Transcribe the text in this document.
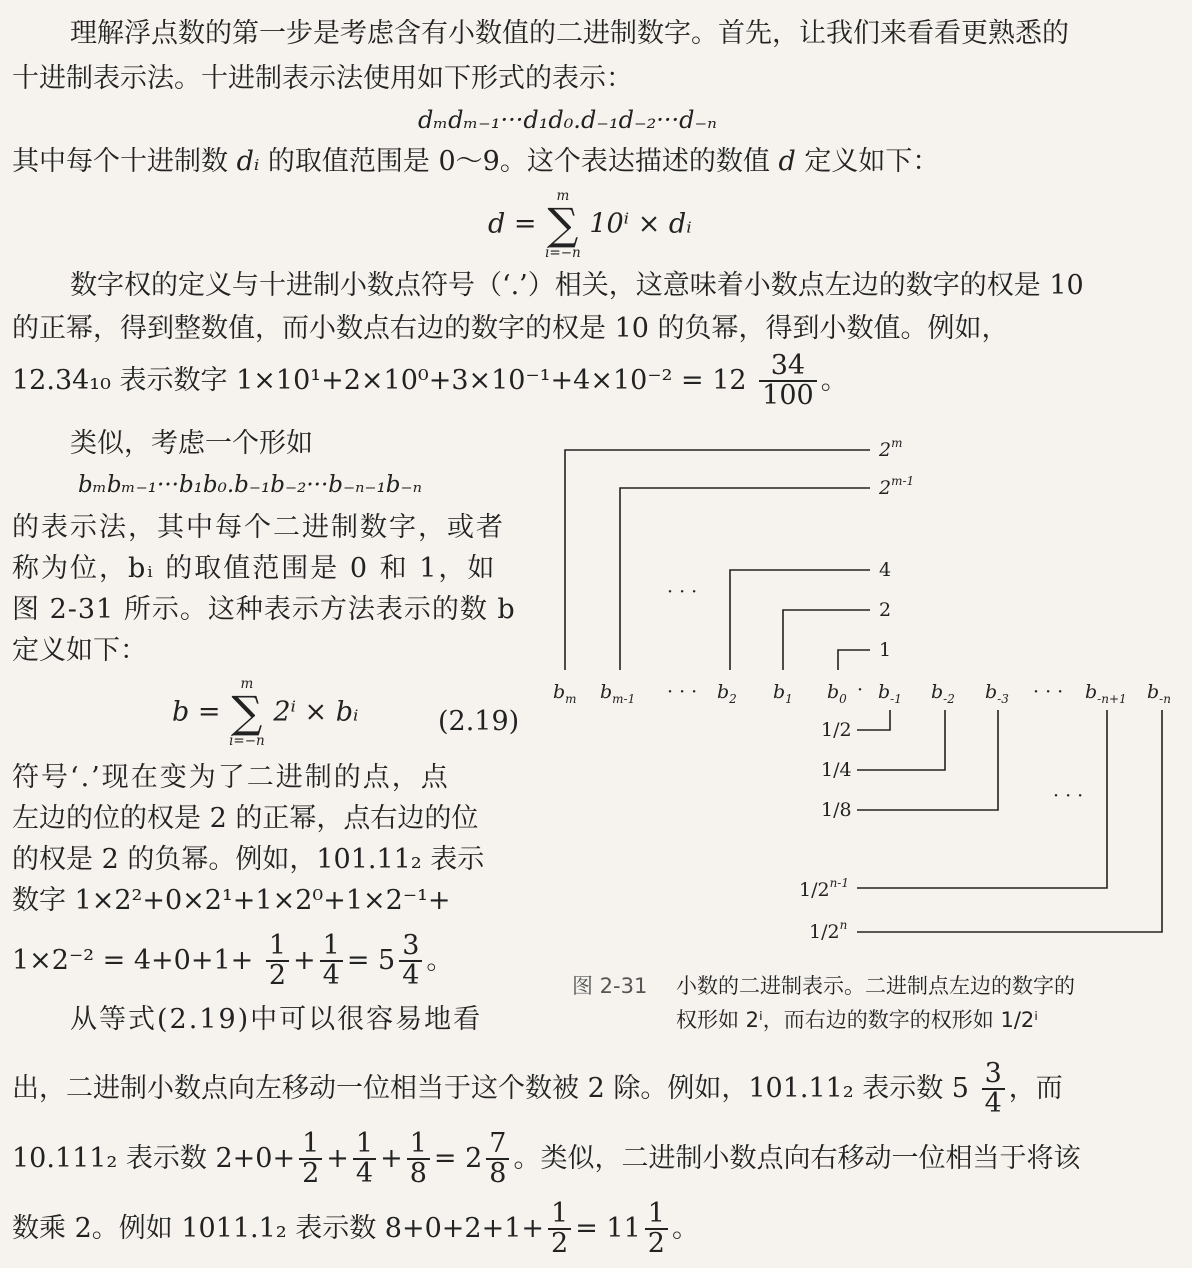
理解浮点数的第一步是考虑含有小数值的二进制数字。首先，让我们来看看更熟悉的
十进制表示法。十进制表示法使用如下形式的表示：
dₘdₘ₋₁···d₁d₀.d₋₁d₋₂···d₋ₙ
其中每个十进制数 dᵢ 的取值范围是 0～9。这个表达描述的数值 d 定义如下：
d =
m
∑
i=−n
10ⁱ × dᵢ
数字权的定义与十进制小数点符号（‘.’）相关，这意味着小数点左边的数字的权是 10
的正幂，得到整数值，而小数点右边的数字的权是 10 的负幂，得到小数值。例如，
12.34₁₀ 表示数字 $1\times 10^1+2\times 10^0+3\times 10^{-1}+4\times 10^{-2} = 12 \frac{34}{100}$ 。
类似，考虑一个形如
bₘbₘ₋₁···b₁b₀.b₋₁b₋₂···b₋ₙ₋₁b₋ₙ
的表示法，其中每个二进制数字，或者
称为位，bᵢ 的取值范围是 0 和 1，如
图 2-31 所示。这种表示方法表示的数 b
定义如下：
b =
m
∑
i=−n
2ⁱ × bᵢ	(2.19)
符号‘.’现在变为了二进制的点，点
左边的位的权是 2 的正幂，点右边的位
的权是 2 的负幂。例如，101.11₂ 表示
数字 1×2²+0×2¹+1×2⁰+1×2⁻¹+
$1\times 2^{-2} = 4+0+1+ \frac{1}{2} + \frac{1}{4} = 5 \frac{3}{4}$ 。
从等式(2.19)中可以很容易地看
出，二进制小数点向左移动一位相当于这个数被 2 除。例如，101.11₂ 表示数 $5 \frac{3}{4}$ ，而
10.111₂ 表示数 $2+0+ \frac{1}{2} + \frac{1}{4} + \frac{1}{8} = 2 \frac{7}{8}$ 。类似，二进制小数点向右移动一位相当于将该
数乘 2。例如 1011.1₂ 表示数 $8+0+2+1+ \frac{1}{2} = 11 \frac{1}{2}$ 。
2$^m$
2$^{m-1}$
4
2
1
· · ·
$b_m$ $b_{m-1}$ · · · $b_2$ $b_1$ $b_0 \cdot b_{-1}$ $b_{-2}$ $b_{-3}$ · · · $b_{-n+1}$ $b_{-n}$
1/2
1/4
1/8
· · ·
$1/2^{n-1}$
1/2$^n$
图 2-31 小数的二进制表示。二进制点左边的数字的
权形如 2ⁱ，而右边的数字的权形如 1/2ⁱ
